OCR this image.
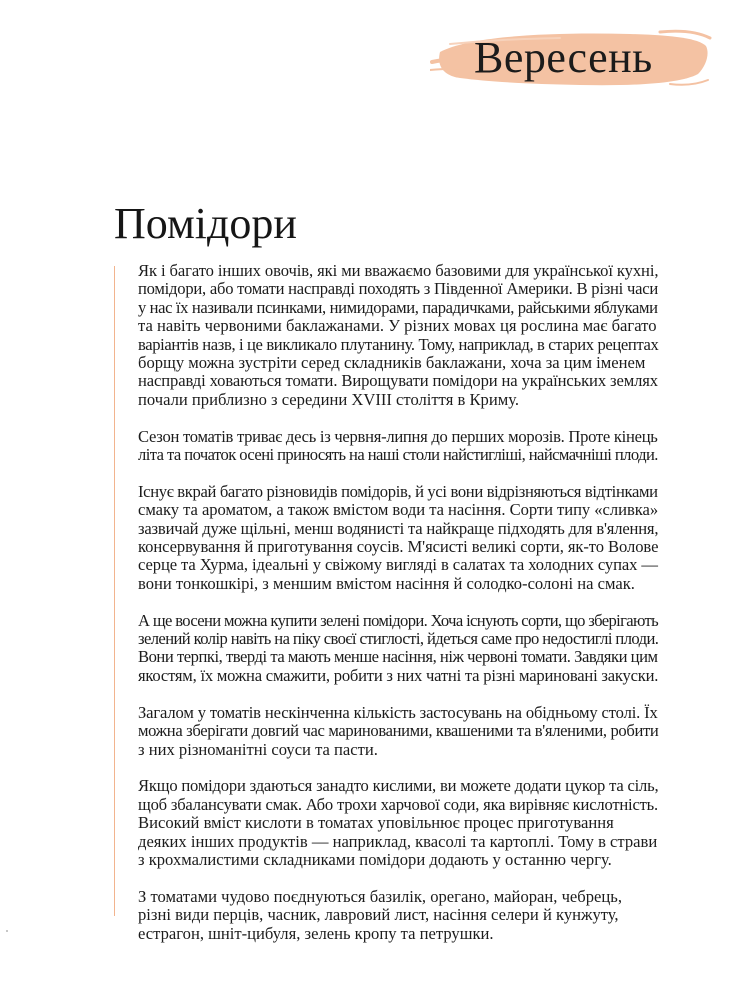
Вересень
Помідори

Як і багато інших овочів, які ми вважаємо базовими для української кухні,
помідори, або томати насправді походять з Південної Америки. В різні часи
у нас їх називали псинками, нимидорами, парадичками, райськими яблуками
та навіть червоними баклажанами. У різних мовах ця рослина має багато
варіантів назв, і це викликало плутанину. Тому, наприклад, в старих рецептах
борщу можна зустріти серед складників баклажани, хоча за цим іменем
насправді ховаються томати. Вирощувати помідори на українських землях
почали приблизно з середини XVIII століття в Криму.

Сезон томатів триває десь із червня-липня до перших морозів. Проте кінець
літа та початок осені приносять на наші столи найстигліші, найсмачніші плоди.

Існує вкрай багато різновидів помідорів, й усі вони відрізняються відтінками
смаку та ароматом, а також вмістом води та насіння. Сорти типу «сливка»
зазвичай дуже щільні, менш водянисті та найкраще підходять для в'ялення,
консервування й приготування соусів. М'ясисті великі сорти, як-то Волове
серце та Хурма, ідеальні у свіжому вигляді в салатах та холодних супах —
вони тонкошкірі, з меншим вмістом насіння й солодко-солоні на смак.

А ще восени можна купити зелені помідори. Хоча існують сорти, що зберігають
зелений колір навіть на піку своєї стиглості, йдеться саме про недостиглі плоди.
Вони терпкі, тверді та мають менше насіння, ніж червоні томати. Завдяки цим
якостям, їх можна смажити, робити з них чатні та різні мариновані закуски.

Загалом у томатів нескінченна кількість застосувань на обідньому столі. Їх
можна зберігати довгий час маринованими, квашеними та в'яленими, робити
з них різноманітні соуси та пасти.

Якщо помідори здаються занадто кислими, ви можете додати цукор та сіль,
щоб збалансувати смак. Або трохи харчової соди, яка вирівняє кислотність.
Високий вміст кислоти в томатах уповільнює процес приготування
деяких інших продуктів — наприклад, квасолі та картоплі. Тому в страви
з крохмалистими складниками помідори додають у останню чергу.

З томатами чудово поєднуються базилік, орегано, майоран, чебрець,
різні види перців, часник, лавровий лист, насіння селери й кунжуту,
естрагон, шніт-цибуля, зелень кропу та петрушки.
